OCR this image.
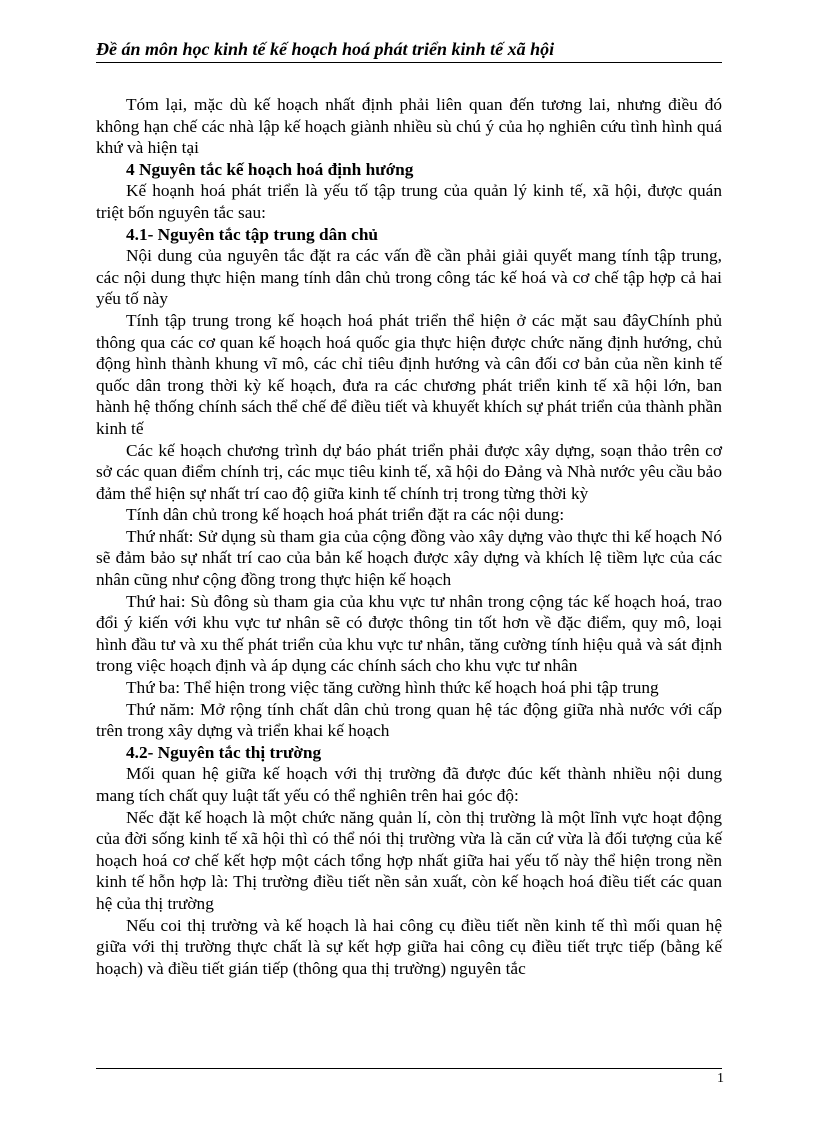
Đề án môn học kinh tế kế hoạch hoá phát triển kinh tế xã hội

Tóm lại, mặc dù kế hoạch nhất định phải liên quan đến tương lai, nhưng điều đó không hạn chế các nhà lập kế hoạch giành nhiều sù chú ý của họ nghiên cứu tình hình quá khứ và hiện tại

4 Nguyên tắc kế hoạch hoá định hướng

Kế hoạnh hoá phát triển là yếu tố tập trung của quản lý kinh tế, xã hội, được quán triệt bốn nguyên tắc sau:

4.1- Nguyên tắc tập trung dân chủ

Nội dung của nguyên tắc đặt ra các vấn đề cần phải giải quyết mang tính tập trung, các nội dung thực hiện mang tính dân chủ trong công tác kế hoá và cơ chế tập hợp cả hai yếu tố này

Tính tập trung trong kế hoạch hoá phát triển thể hiện ở các mặt sau đâyChính phủ thông qua các cơ quan kế hoạch hoá quốc gia thực hiện được chức năng định hướng, chủ động hình thành khung vĩ mô, các chỉ tiêu định hướng và cân đối cơ bản của nền kinh tế quốc dân trong thời kỳ kế hoạch, đưa ra các chương phát triển kinh tế xã hội lớn, ban hành hệ thống chính sách thể chế để điều tiết và khuyết khích sự phát triển của thành phần kinh tế

Các kế hoạch chương trình dự báo phát triển phải được xây dựng, soạn thảo trên cơ sở các quan điểm chính trị, các mục tiêu kinh tế, xã hội do Đảng và Nhà nước yêu cầu bảo đảm thể hiện sự nhất trí cao độ giữa kinh tế chính trị trong từng thời kỳ

Tính dân chủ trong kế hoạch hoá phát triển đặt ra các nội dung:

Thứ nhất: Sử dụng sù tham gia của cộng đồng vào xây dựng vào thực thi kế hoạch Nó sẽ đảm bảo sự nhất trí cao của bản kế hoạch được xây dựng và khích lệ tiềm lực của các nhân cũng như cộng đồng trong thực hiện kế hoạch

Thứ hai: Sù đông sù tham gia của khu vực tư nhân trong cộng tác kế hoạch hoá, trao đổi ý kiến với khu vực tư nhân sẽ có được thông tin tốt hơn về đặc điểm, quy mô, loại hình đầu tư và xu thế phát triển của khu vực tư nhân, tăng cường tính hiệu quả và sát định trong việc hoạch định và áp dụng các chính sách cho khu vực tư nhân

Thứ ba: Thể hiện trong việc tăng cường hình thức kế hoạch hoá phi tập trung

Thứ năm: Mở rộng tính chất dân chủ trong quan hệ tác động giữa nhà nước với cấp trên trong xây dựng và triển khai kế hoạch

4.2- Nguyên tắc thị trường

Mối quan hệ giữa kế hoạch với thị trường đã được đúc kết thành nhiều nội dung mang tích chất quy luật tất yếu có thể nghiên trên hai góc độ:

Nếc đặt kế hoạch là một chức năng quản lí, còn thị trường là một lĩnh vực hoạt động của đời sống kinh tế xã hội thì có thể nói thị trường vừa là căn cứ vừa là đối tượng của kế hoạch hoá cơ chế kết hợp một cách tổng hợp nhất giữa hai yếu tố này thể hiện trong nền kinh tế hỗn hợp là: Thị trường điều tiết nền sản xuất, còn kế hoạch hoá điều tiết các quan hệ của thị trường

Nếu coi thị trường và kế hoạch là hai công cụ điều tiết nền kinh tế thì mối quan hệ giữa với thị trường thực chất là sự kết hợp giữa hai công cụ điều tiết trực tiếp (bằng kế hoạch) và điều tiết gián tiếp (thông qua thị trường) nguyên tắc

1
